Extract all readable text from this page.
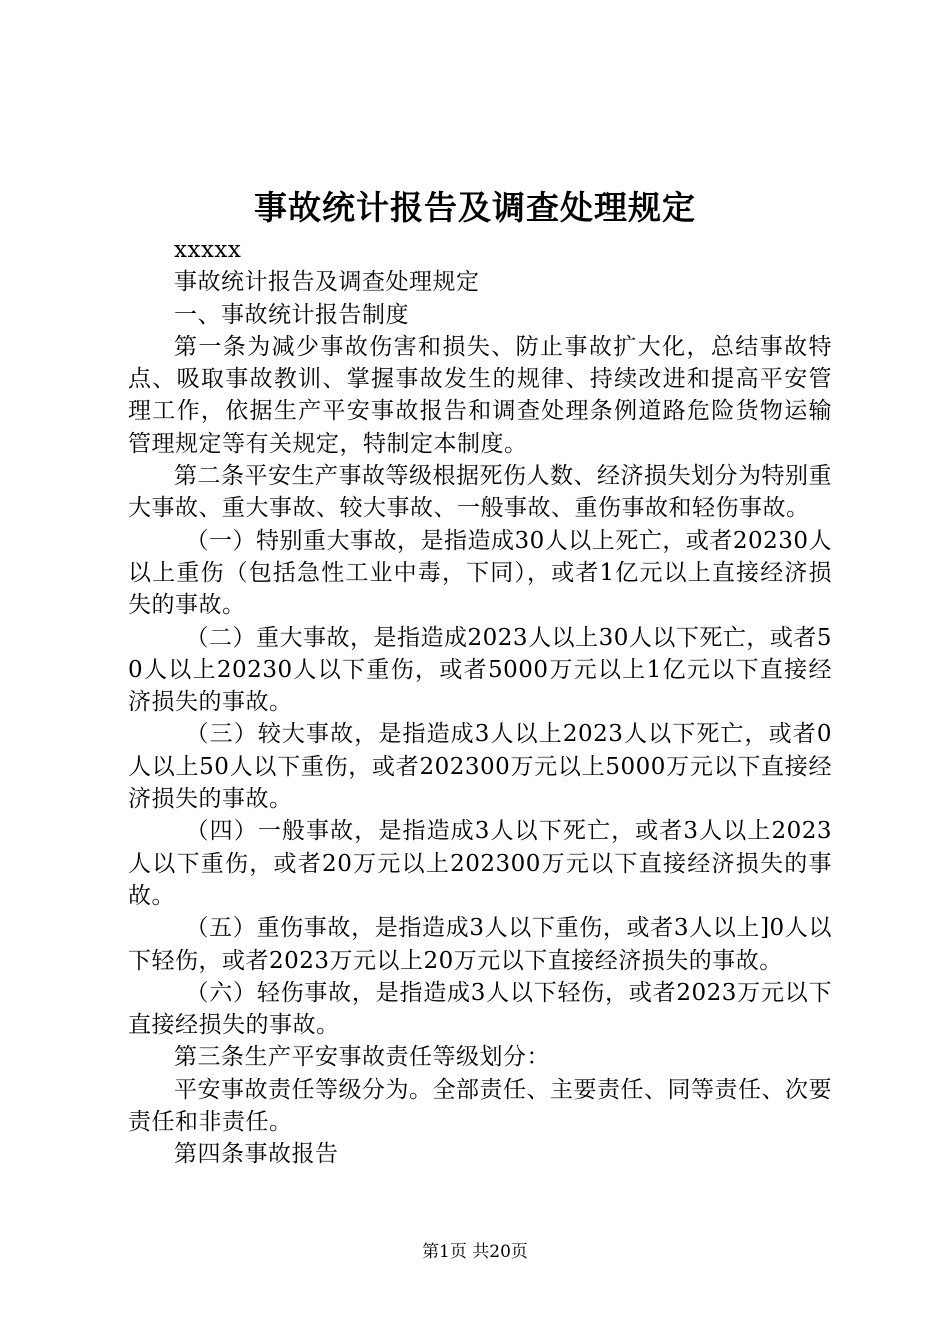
事故统计报告及调查处理规定

xxxxx

事故统计报告及调查处理规定

一、事故统计报告制度

第一条为减少事故伤害和损失、防止事故扩大化，总结事故特点、吸取事故教训、掌握事故发生的规律、持续改进和提高平安管理工作，依据生产平安事故报告和调查处理条例道路危险货物运输管理规定等有关规定，特制定本制度。

第二条平安生产事故等级根据死伤人数、经济损失划分为特别重大事故、重大事故、较大事故、一般事故、重伤事故和轻伤事故。

（一）特别重大事故，是指造成30人以上死亡，或者20230人以上重伤（包括急性工业中毒，下同），或者1亿元以上直接经济损失的事故。

（二）重大事故，是指造成2023人以上30人以下死亡，或者50人以上20230人以下重伤，或者5000万元以上1亿元以下直接经济损失的事故。

（三）较大事故，是指造成3人以上2023人以下死亡，或者0人以上50人以下重伤，或者202300万元以上5000万元以下直接经济损失的事故。

（四）一般事故，是指造成3人以下死亡，或者3人以上2023人以下重伤，或者20万元以上202300万元以下直接经济损失的事故。

（五）重伤事故，是指造成3人以下重伤，或者3人以上]0人以下轻伤，或者2023万元以上20万元以下直接经济损失的事故。

（六）轻伤事故，是指造成3人以下轻伤，或者2023万元以下直接经损失的事故。

第三条生产平安事故责任等级划分：

平安事故责任等级分为。全部责任、主要责任、同等责任、次要责任和非责任。

第四条事故报告

第1页 共20页
